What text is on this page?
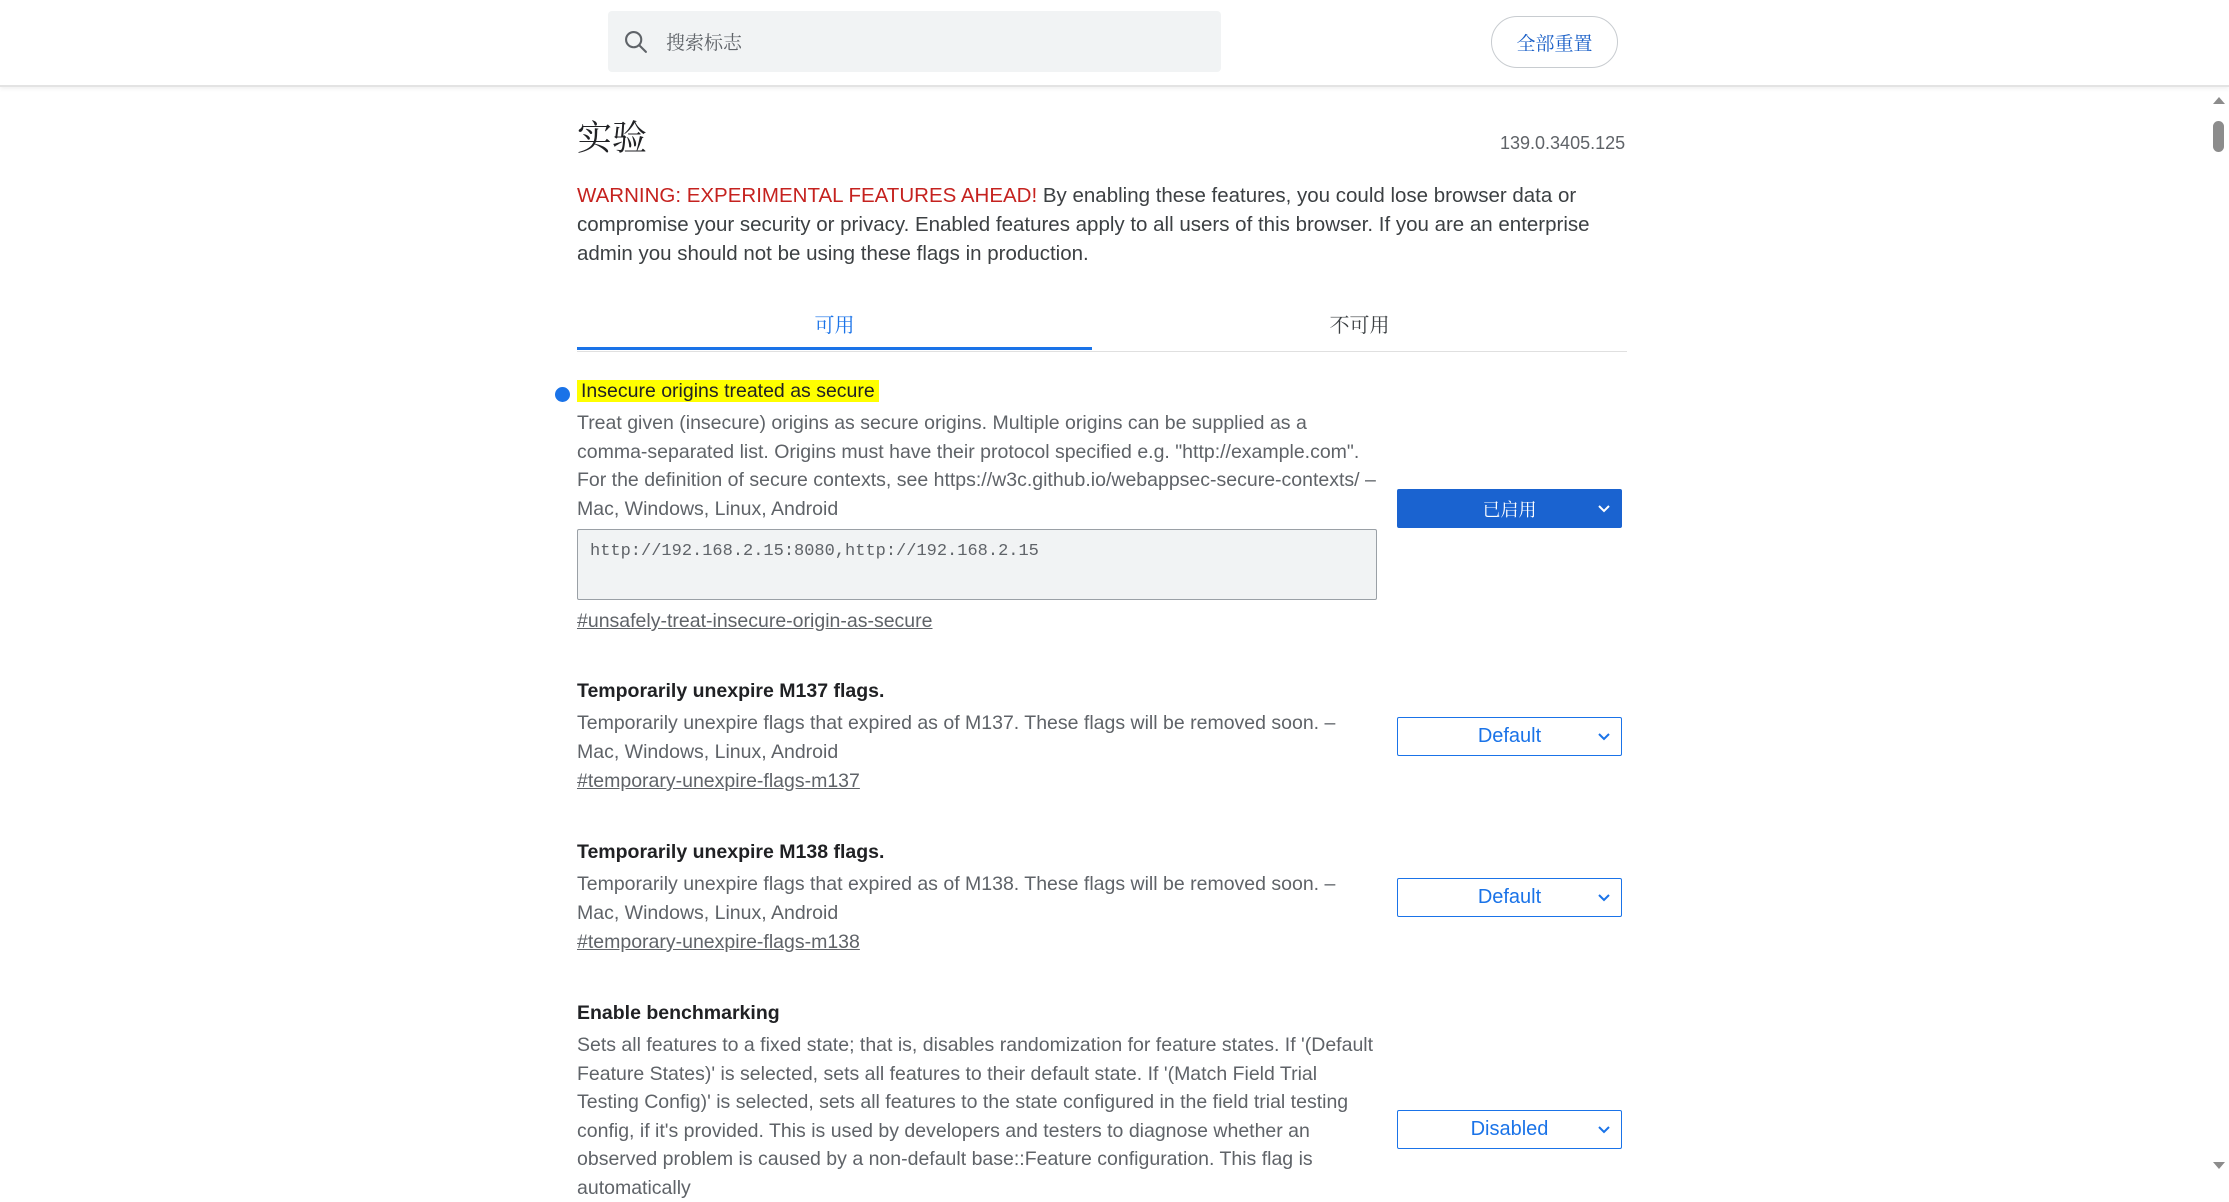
搜索标志
全部重置
实验	139.0.3405.125
WARNING: EXPERIMENTAL FEATURES AHEAD! By enabling these features, you could lose browser data or compromise your security or privacy. Enabled features apply to all users of this browser. If you are an enterprise admin you should not be using these flags in production.
可用	不可用
Insecure origins treated as secure
Treat given (insecure) origins as secure origins. Multiple origins can be supplied as a comma-separated list. Origins must have their protocol specified e.g. "http://example.com". For the definition of secure contexts, see https://w3c.github.io/webappsec-secure-contexts/ – Mac, Windows, Linux, Android
http://192.168.2.15:8080,http://192.168.2.15 #unsafely-treat-insecure-origin-as-secure
已启用
Temporarily unexpire M137 flags.
Temporarily unexpire flags that expired as of M137. These flags will be removed soon. – Mac, Windows, Linux, Android
#temporary-unexpire-flags-m137
Default
Temporarily unexpire M138 flags.
Temporarily unexpire flags that expired as of M138. These flags will be removed soon. – Mac, Windows, Linux, Android
#temporary-unexpire-flags-m138
Default
Enable benchmarking
Sets all features to a fixed state; that is, disables randomization for feature states. If '(Default Feature States)' is selected, sets all features to their default state. If '(Match Field Trial Testing Config)' is selected, sets all features to the state configured in the field trial testing config, if it's provided. This is used by developers and testers to diagnose whether an observed problem is caused by a non-default base::Feature configuration. This flag is automatically
Disabled
